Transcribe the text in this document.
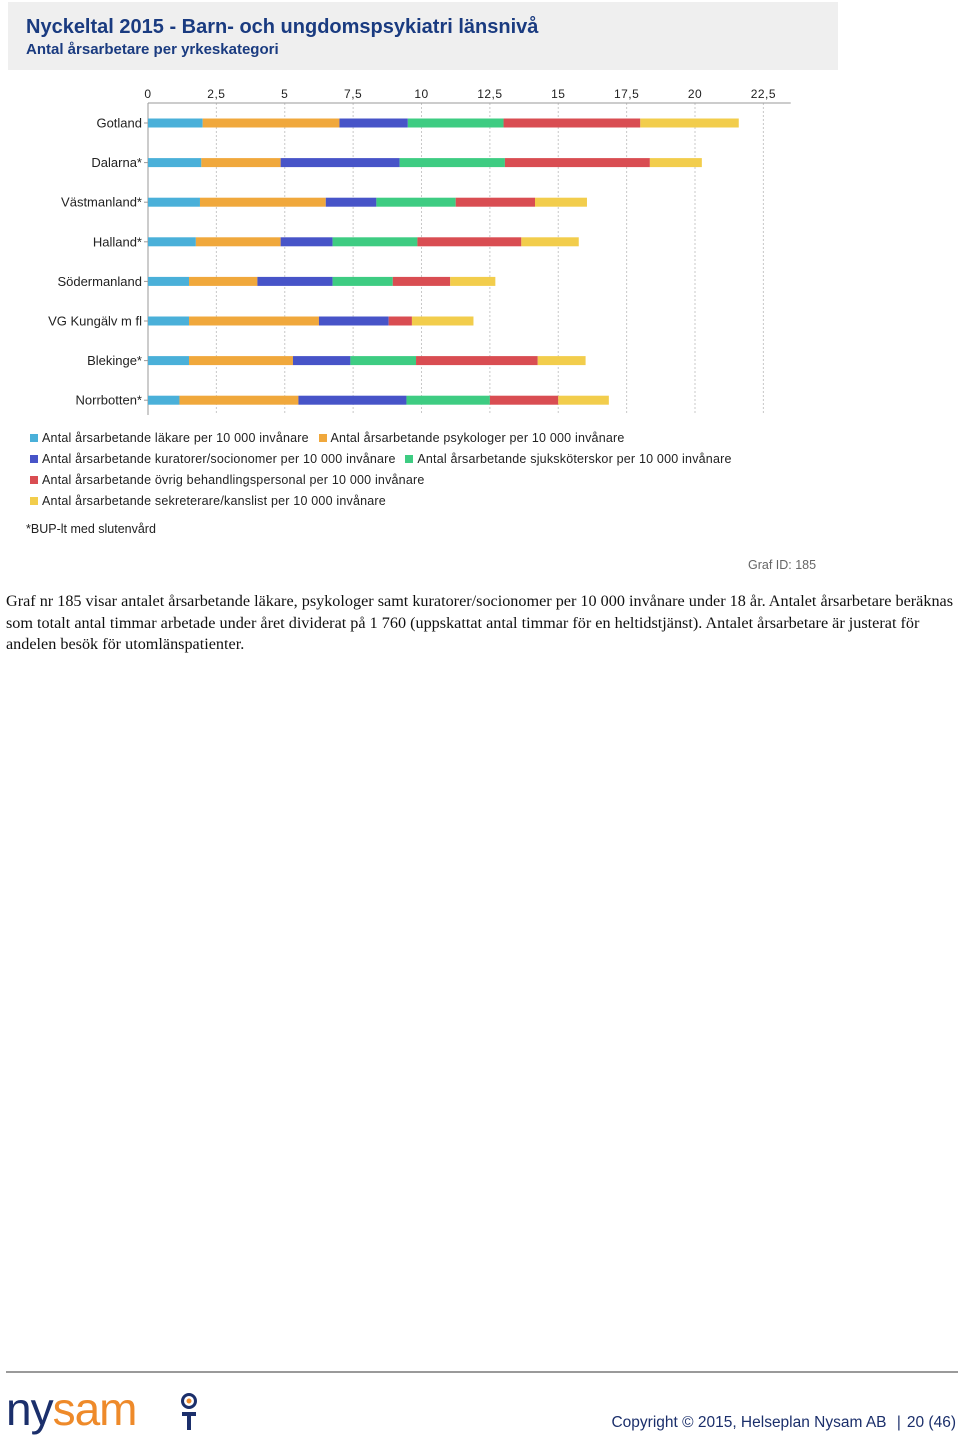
Nyckeltal 2015 - Barn- och ungdomspsykiatri länsnivå
Antal årsarbetare per yrkeskategori
0	2,5	5	7,5	10	12,5	15	17,5	20	22,5
Gotland
Dalarna*
Västmanland*
Halland*
Södermanland
VG Kungälv m fl
Blekinge*
Norrbotten*
Antal årsarbetande läkare per 10 000 invånare Antal årsarbetande psykologer per 10 000 invånare
Antal årsarbetande kuratorer/socionomer per 10 000 invånare Antal årsarbetande sjuksköterskor per 10 000 invånare
Antal årsarbetande övrig behandlingspersonal per 10 000 invånare
Antal årsarbetande sekreterare/kanslist per 10 000 invånare
*BUP-lt med slutenvård
Graf ID: 185
Graf nr 185 visar antalet årsarbetande läkare, psykologer samt kuratorer/socionomer per 10 000 invånare under 18 år. Antalet årsarbetare beräknas som totalt antal timmar arbetade under året dividerat på 1 760 (uppskattat antal timmar för en heltidstjänst). Antalet årsarbetare är justerat för andelen besök för utomlänspatienter.
nysam	Copyright © 2015, Helseplan Nysam AB | 20 (46)
